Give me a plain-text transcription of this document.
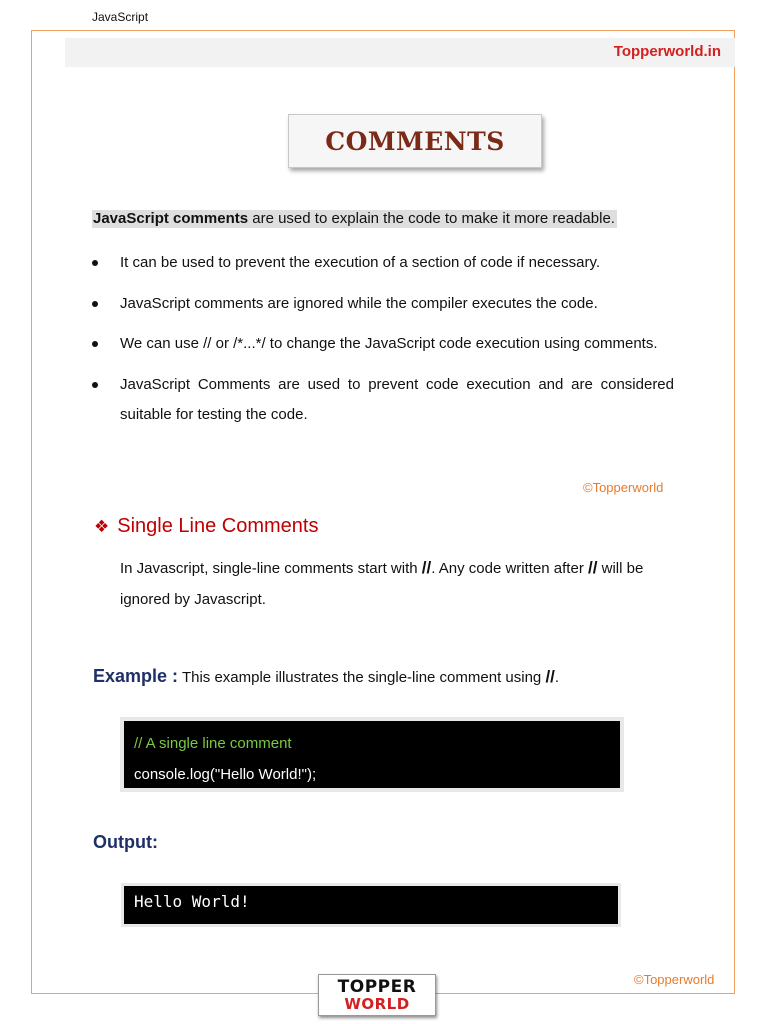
JavaScript
Topperworld.in
COMMENTS
JavaScript comments are used to explain the code to make it more readable.
It can be used to prevent the execution of a section of code if necessary.
JavaScript comments are ignored while the compiler executes the code.
We can use // or /*...*/ to change the JavaScript code execution using comments.
JavaScript Comments are used to prevent code execution and are considered suitable for testing the code.
©Topperworld
❖ Single Line Comments
In Javascript, single-line comments start with //. Any code written after // will be ignored by Javascript.
Example : This example illustrates the single-line comment using //.
// A single line comment
console.log("Hello World!");
Output:
Hello World!
©Topperworld
TOPPER
WORLD
